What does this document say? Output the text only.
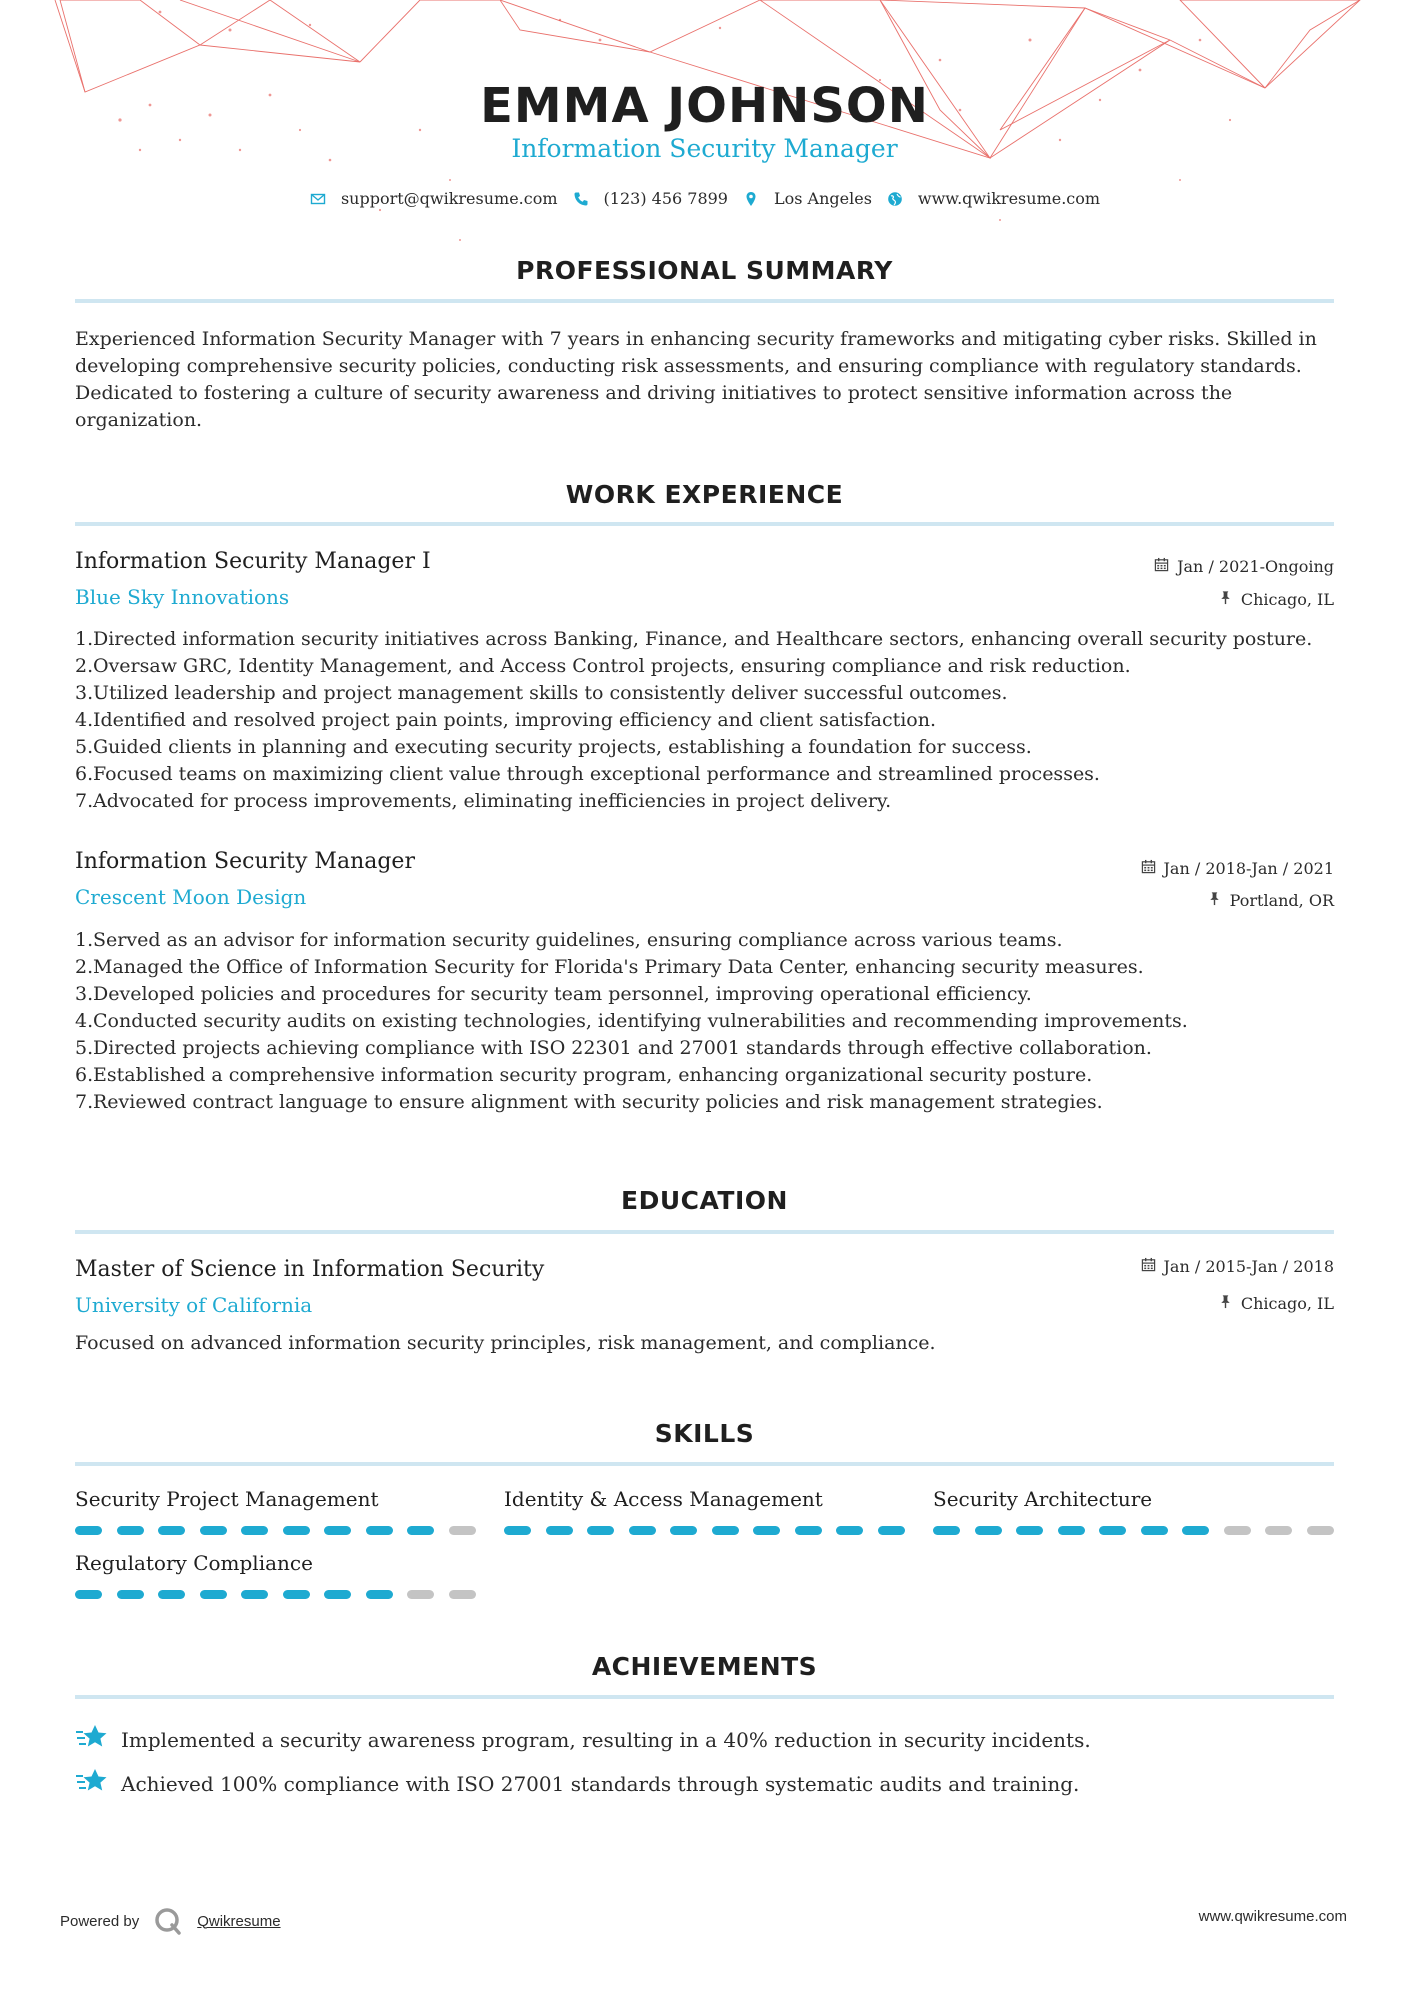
EMMA JOHNSON
Information Security Manager
support@qwikresume.com	(123) 456 7899	Los Angeles	www.qwikresume.com
PROFESSIONAL SUMMARY
Experienced Information Security Manager with 7 years in enhancing security frameworks and mitigating cyber risks. Skilled in developing comprehensive security policies, conducting risk assessments, and ensuring compliance with regulatory standards. Dedicated to fostering a culture of security awareness and driving initiatives to protect sensitive information across the organization.
WORK EXPERIENCE
Information Security Manager I	Jan / 2021-Ongoing
Blue Sky Innovations	Chicago, IL
1. Directed information security initiatives across Banking, Finance, and Healthcare sectors, enhancing overall security posture.
2. Oversaw GRC, Identity Management, and Access Control projects, ensuring compliance and risk reduction.
3. Utilized leadership and project management skills to consistently deliver successful outcomes.
4. Identified and resolved project pain points, improving efficiency and client satisfaction.
5. Guided clients in planning and executing security projects, establishing a foundation for success.
6. Focused teams on maximizing client value through exceptional performance and streamlined processes.
7. Advocated for process improvements, eliminating inefficiencies in project delivery.
Information Security Manager	Jan / 2018-Jan / 2021
Crescent Moon Design	Portland, OR
1. Served as an advisor for information security guidelines, ensuring compliance across various teams.
2. Managed the Office of Information Security for Florida's Primary Data Center, enhancing security measures.
3. Developed policies and procedures for security team personnel, improving operational efficiency.
4. Conducted security audits on existing technologies, identifying vulnerabilities and recommending improvements.
5. Directed projects achieving compliance with ISO 22301 and 27001 standards through effective collaboration.
6. Established a comprehensive information security program, enhancing organizational security posture.
7. Reviewed contract language to ensure alignment with security policies and risk management strategies.
EDUCATION
Master of Science in Information Security	Jan / 2015-Jan / 2018
University of California	Chicago, IL
Focused on advanced information security principles, risk management, and compliance.
SKILLS
Security Project Management	Identity & Access Management	Security Architecture
Regulatory Compliance
ACHIEVEMENTS
Implemented a security awareness program, resulting in a 40% reduction in security incidents.
Achieved 100% compliance with ISO 27001 standards through systematic audits and training.
Powered by	Qwikresume	www.qwikresume.com
